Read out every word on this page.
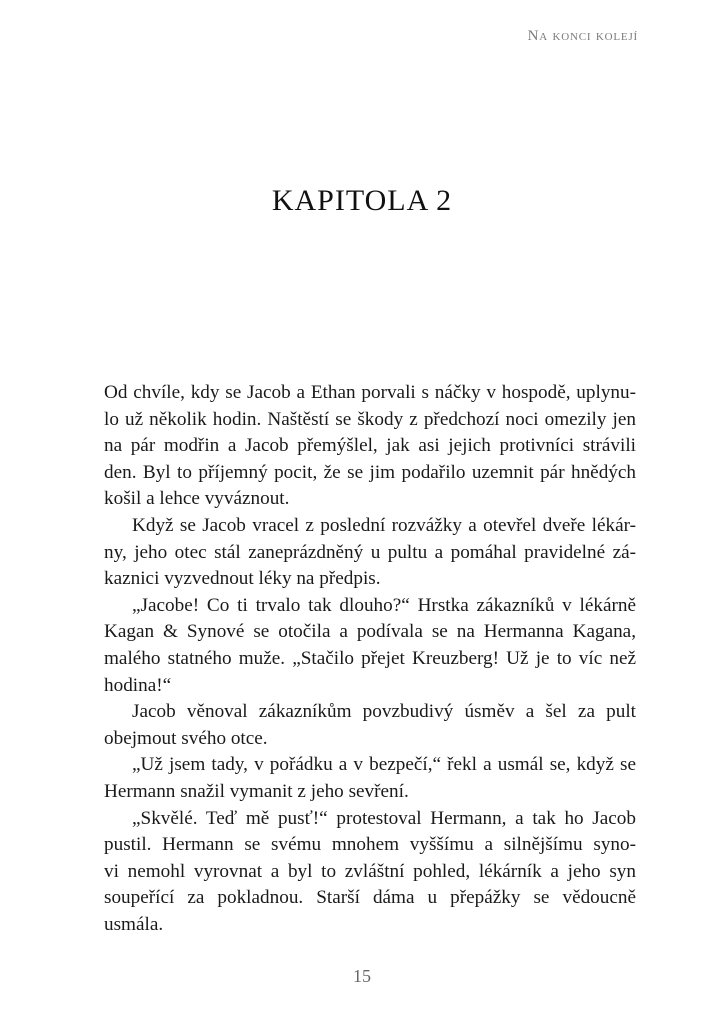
Na konci kolejí
KAPITOLA 2
Od chvíle, kdy se Jacob a Ethan porvali s náčky v hospodě, uplynu-
lo už několik hodin. Naštěstí se škody z předchozí noci omezily jen
na pár modřin a Jacob přemýšlel, jak asi jejich protivníci strávili
den. Byl to příjemný pocit, že se jim podařilo uzemnit pár hnědých
košil a lehce vyváznout.
Když se Jacob vracel z poslední rozvážky a otevřel dveře lékár-
ny, jeho otec stál zaneprázdněný u pultu a pomáhal pravidelné zá-
kaznici vyzvednout léky na předpis.
„Jacobe! Co ti trvalo tak dlouho?“ Hrstka zákazníků v lékárně
Kagan & Synové se otočila a podívala se na Hermanna Kagana,
malého statného muže. „Stačilo přejet Kreuzberg! Už je to víc než
hodina!“
Jacob věnoval zákazníkům povzbudivý úsměv a šel za pult
obejmout svého otce.
„Už jsem tady, v pořádku a v bezpečí,“ řekl a usmál se, když se
Hermann snažil vymanit z jeho sevření.
„Skvělé. Teď mě pusť!“ protestoval Hermann, a tak ho Jacob
pustil. Hermann se svému mnohem vyššímu a silnějšímu syno-
vi nemohl vyrovnat a byl to zvláštní pohled, lékárník a jeho syn
soupeřící za pokladnou. Starší dáma u přepážky se vědoucně
usmála.
15
